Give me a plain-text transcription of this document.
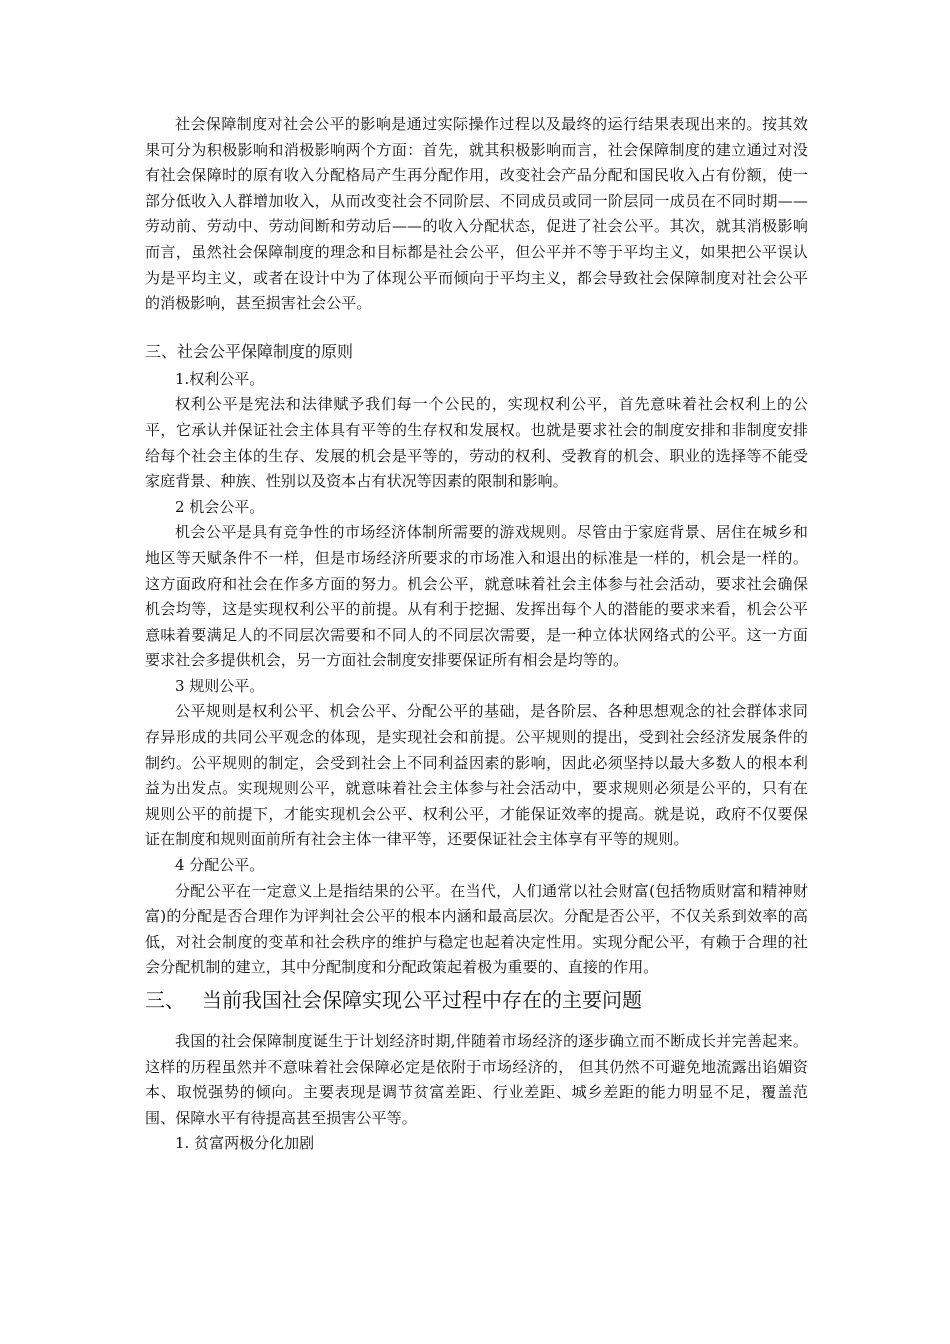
社会保障制度对社会公平的影响是通过实际操作过程以及最终的运行结果表现出来的。按其效果可分为积极影响和消极影响两个方面：首先，就其积极影响而言，社会保障制度的建立通过对没有社会保障时的原有收入分配格局产生再分配作用，改变社会产品分配和国民收入占有份额，使一部分低收入人群增加收入，从而改变社会不同阶层、不同成员或同一阶层同一成员在不同时期——劳动前、劳动中、劳动间断和劳动后——的收入分配状态，促进了社会公平。其次，就其消极影响而言，虽然社会保障制度的理念和目标都是社会公平，但公平并不等于平均主义，如果把公平误认为是平均主义，或者在设计中为了体现公平而倾向于平均主义，都会导致社会保障制度对社会公平的消极影响，甚至损害社会公平。

三、社会公平保障制度的原则

1.权利公平。

权利公平是宪法和法律赋予我们每一个公民的，实现权利公平，首先意味着社会权利上的公平，它承认并保证社会主体具有平等的生存权和发展权。也就是要求社会的制度安排和非制度安排给每个社会主体的生存、发展的机会是平等的，劳动的权利、受教育的机会、职业的选择等不能受家庭背景、种族、性别以及资本占有状况等因素的限制和影响。

2 机会公平。

机会公平是具有竞争性的市场经济体制所需要的游戏规则。尽管由于家庭背景、居住在城乡和地区等天赋条件不一样，但是市场经济所要求的市场准入和退出的标准是一样的，机会是一样的。这方面政府和社会在作多方面的努力。机会公平，就意味着社会主体参与社会活动，要求社会确保机会均等，这是实现权利公平的前提。从有利于挖掘、发挥出每个人的潜能的要求来看，机会公平意味着要满足人的不同层次需要和不同人的不同层次需要，是一种立体状网络式的公平。这一方面要求社会多提供机会，另一方面社会制度安排要保证所有相会是均等的。

3 规则公平。

公平规则是权利公平、机会公平、分配公平的基础，是各阶层、各种思想观念的社会群体求同存异形成的共同公平观念的体现，是实现社会和前提。公平规则的提出，受到社会经济发展条件的制约。公平规则的制定，会受到社会上不同利益因素的影响，因此必须坚持以最大多数人的根本利益为出发点。实现规则公平，就意味着社会主体参与社会活动中，要求规则必须是公平的，只有在规则公平的前提下，才能实现机会公平、权利公平，才能保证效率的提高。就是说，政府不仅要保证在制度和规则面前所有社会主体一律平等，还要保证社会主体享有平等的规则。

4 分配公平。

分配公平在一定意义上是指结果的公平。在当代，人们通常以社会财富(包括物质财富和精神财富)的分配是否合理作为评判社会公平的根本内涵和最高层次。分配是否公平，不仅关系到效率的高低，对社会制度的变革和社会秩序的维护与稳定也起着决定性用。实现分配公平，有赖于合理的社会分配机制的建立，其中分配制度和分配政策起着极为重要的、直接的作用。

三、 当前我国社会保障实现公平过程中存在的主要问题

我国的社会保障制度诞生于计划经济时期,伴随着市场经济的逐步确立而不断成长并完善起来。这样的历程虽然并不意味着社会保障必定是依附于市场经济的， 但其仍然不可避免地流露出谄媚资本、取悦强势的倾向。主要表现是调节贫富差距、行业差距、城乡差距的能力明显不足，覆盖范围、保障水平有待提高甚至损害公平等。

1. 贫富两极分化加剧
